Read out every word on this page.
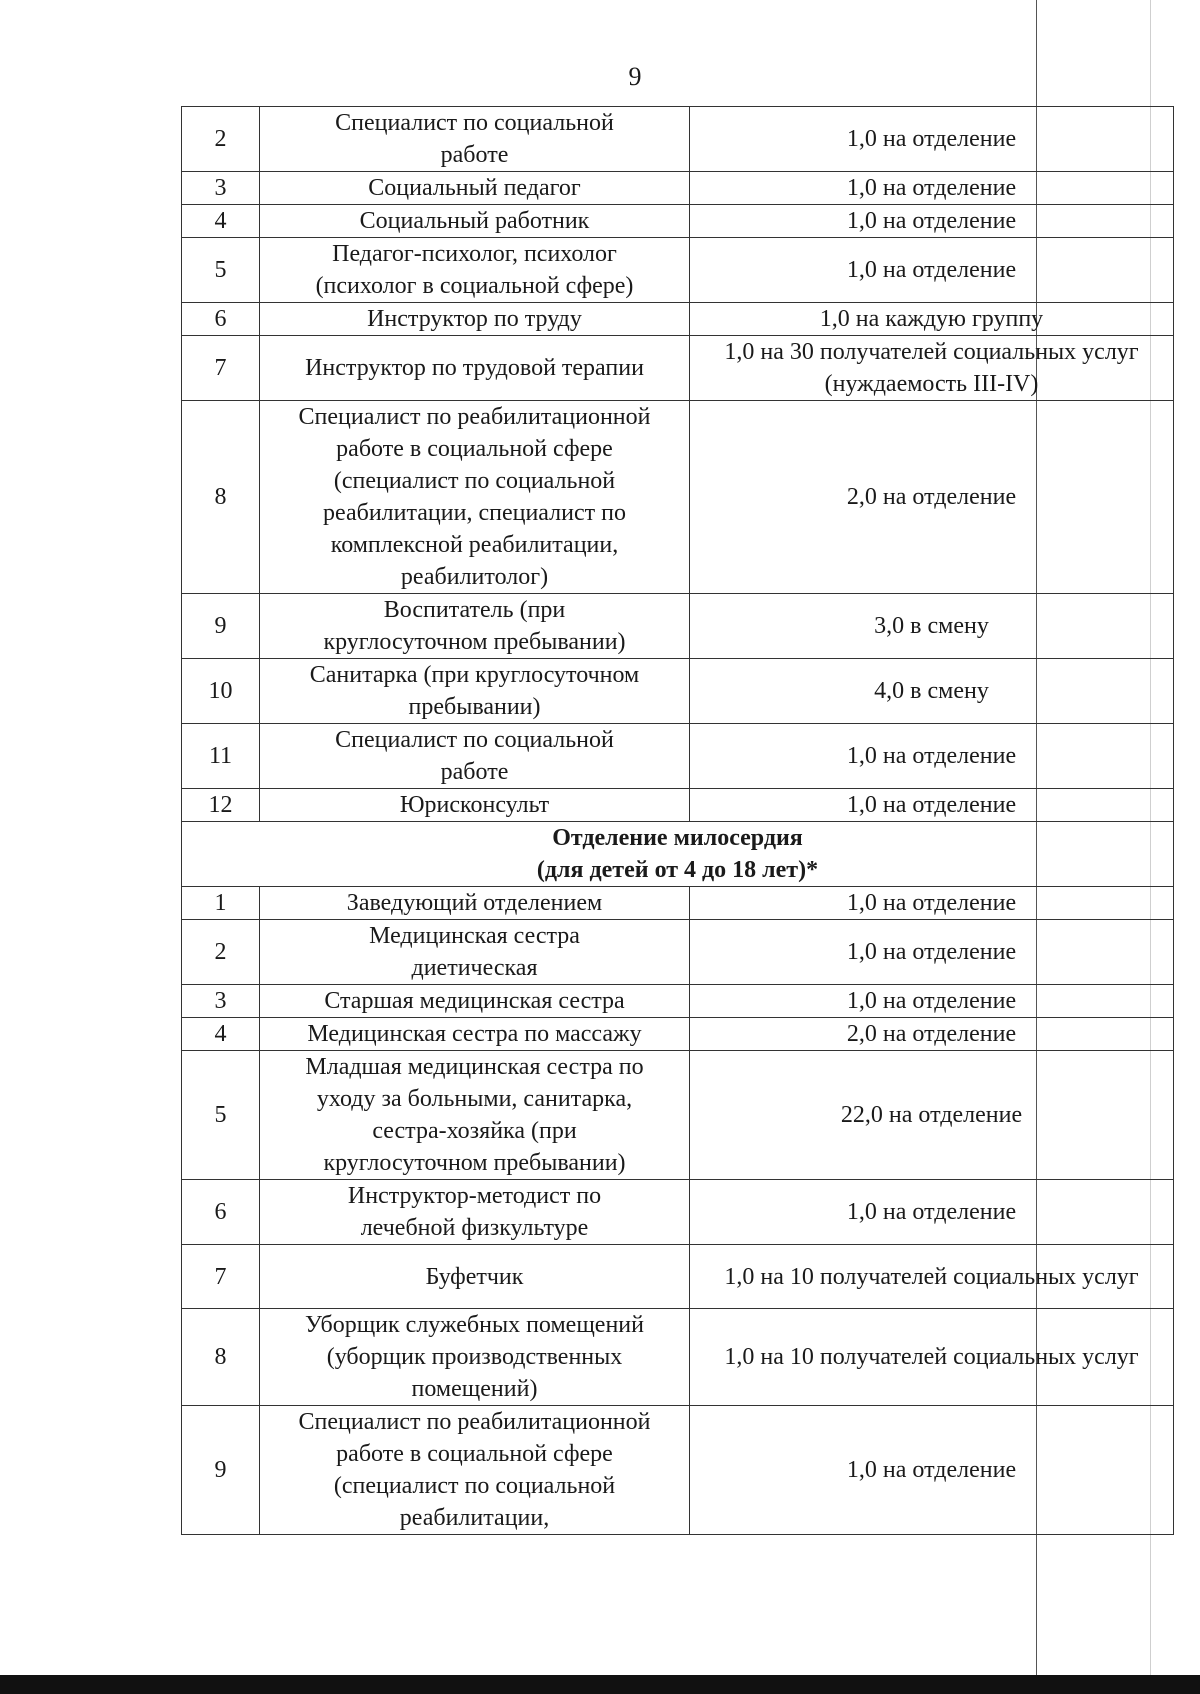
9
2	Специалист по социальной работе	1,0 на отделение
3	Социальный педагог	1,0 на отделение
4	Социальный работник	1,0 на отделение
5	Педагог-психолог, психолог (психолог в социальной сфере)	1,0 на отделение
6	Инструктор по труду	1,0 на каждую группу
7	Инструктор по трудовой терапии	1,0 на 30 получателей социальных услуг (нуждаемость III-IV)
8	Специалист по реабилитационной работе в социальной сфере (специалист по социальной реабилитации, специалист по комплексной реабилитации, реабилитолог)	2,0 на отделение
9	Воспитатель (при круглосуточном пребывании)	3,0 в смену
10	Санитарка (при круглосуточном пребывании)	4,0 в смену
11	Специалист по социальной работе	1,0 на отделение
12	Юрисконсульт	1,0 на отделение

Отделение милосердия
(для детей от 4 до 18 лет)*		

1	Заведующий отделением	1,0 на отделение
2	Медицинская сестра диетическая	1,0 на отделение
3	Старшая медицинская сестра	1,0 на отделение
4	Медицинская сестра по массажу	2,0 на отделение
5	Младшая медицинская сестра по уходу за больными, санитарка, сестра-хозяйка (при круглосуточном пребывании)	22,0 на отделение
6	Инструктор-методист по лечебной физкультуре	1,0 на отделение
7	Буфетчик	1,0 на 10 получателей социальных услуг
8	Уборщик служебных помещений (уборщик производственных помещений)	1,0 на 10 получателей социальных услуг
9	Специалист по реабилитационной работе в социальной сфере (специалист по социальной реабилитации,	1,0 на отделение
